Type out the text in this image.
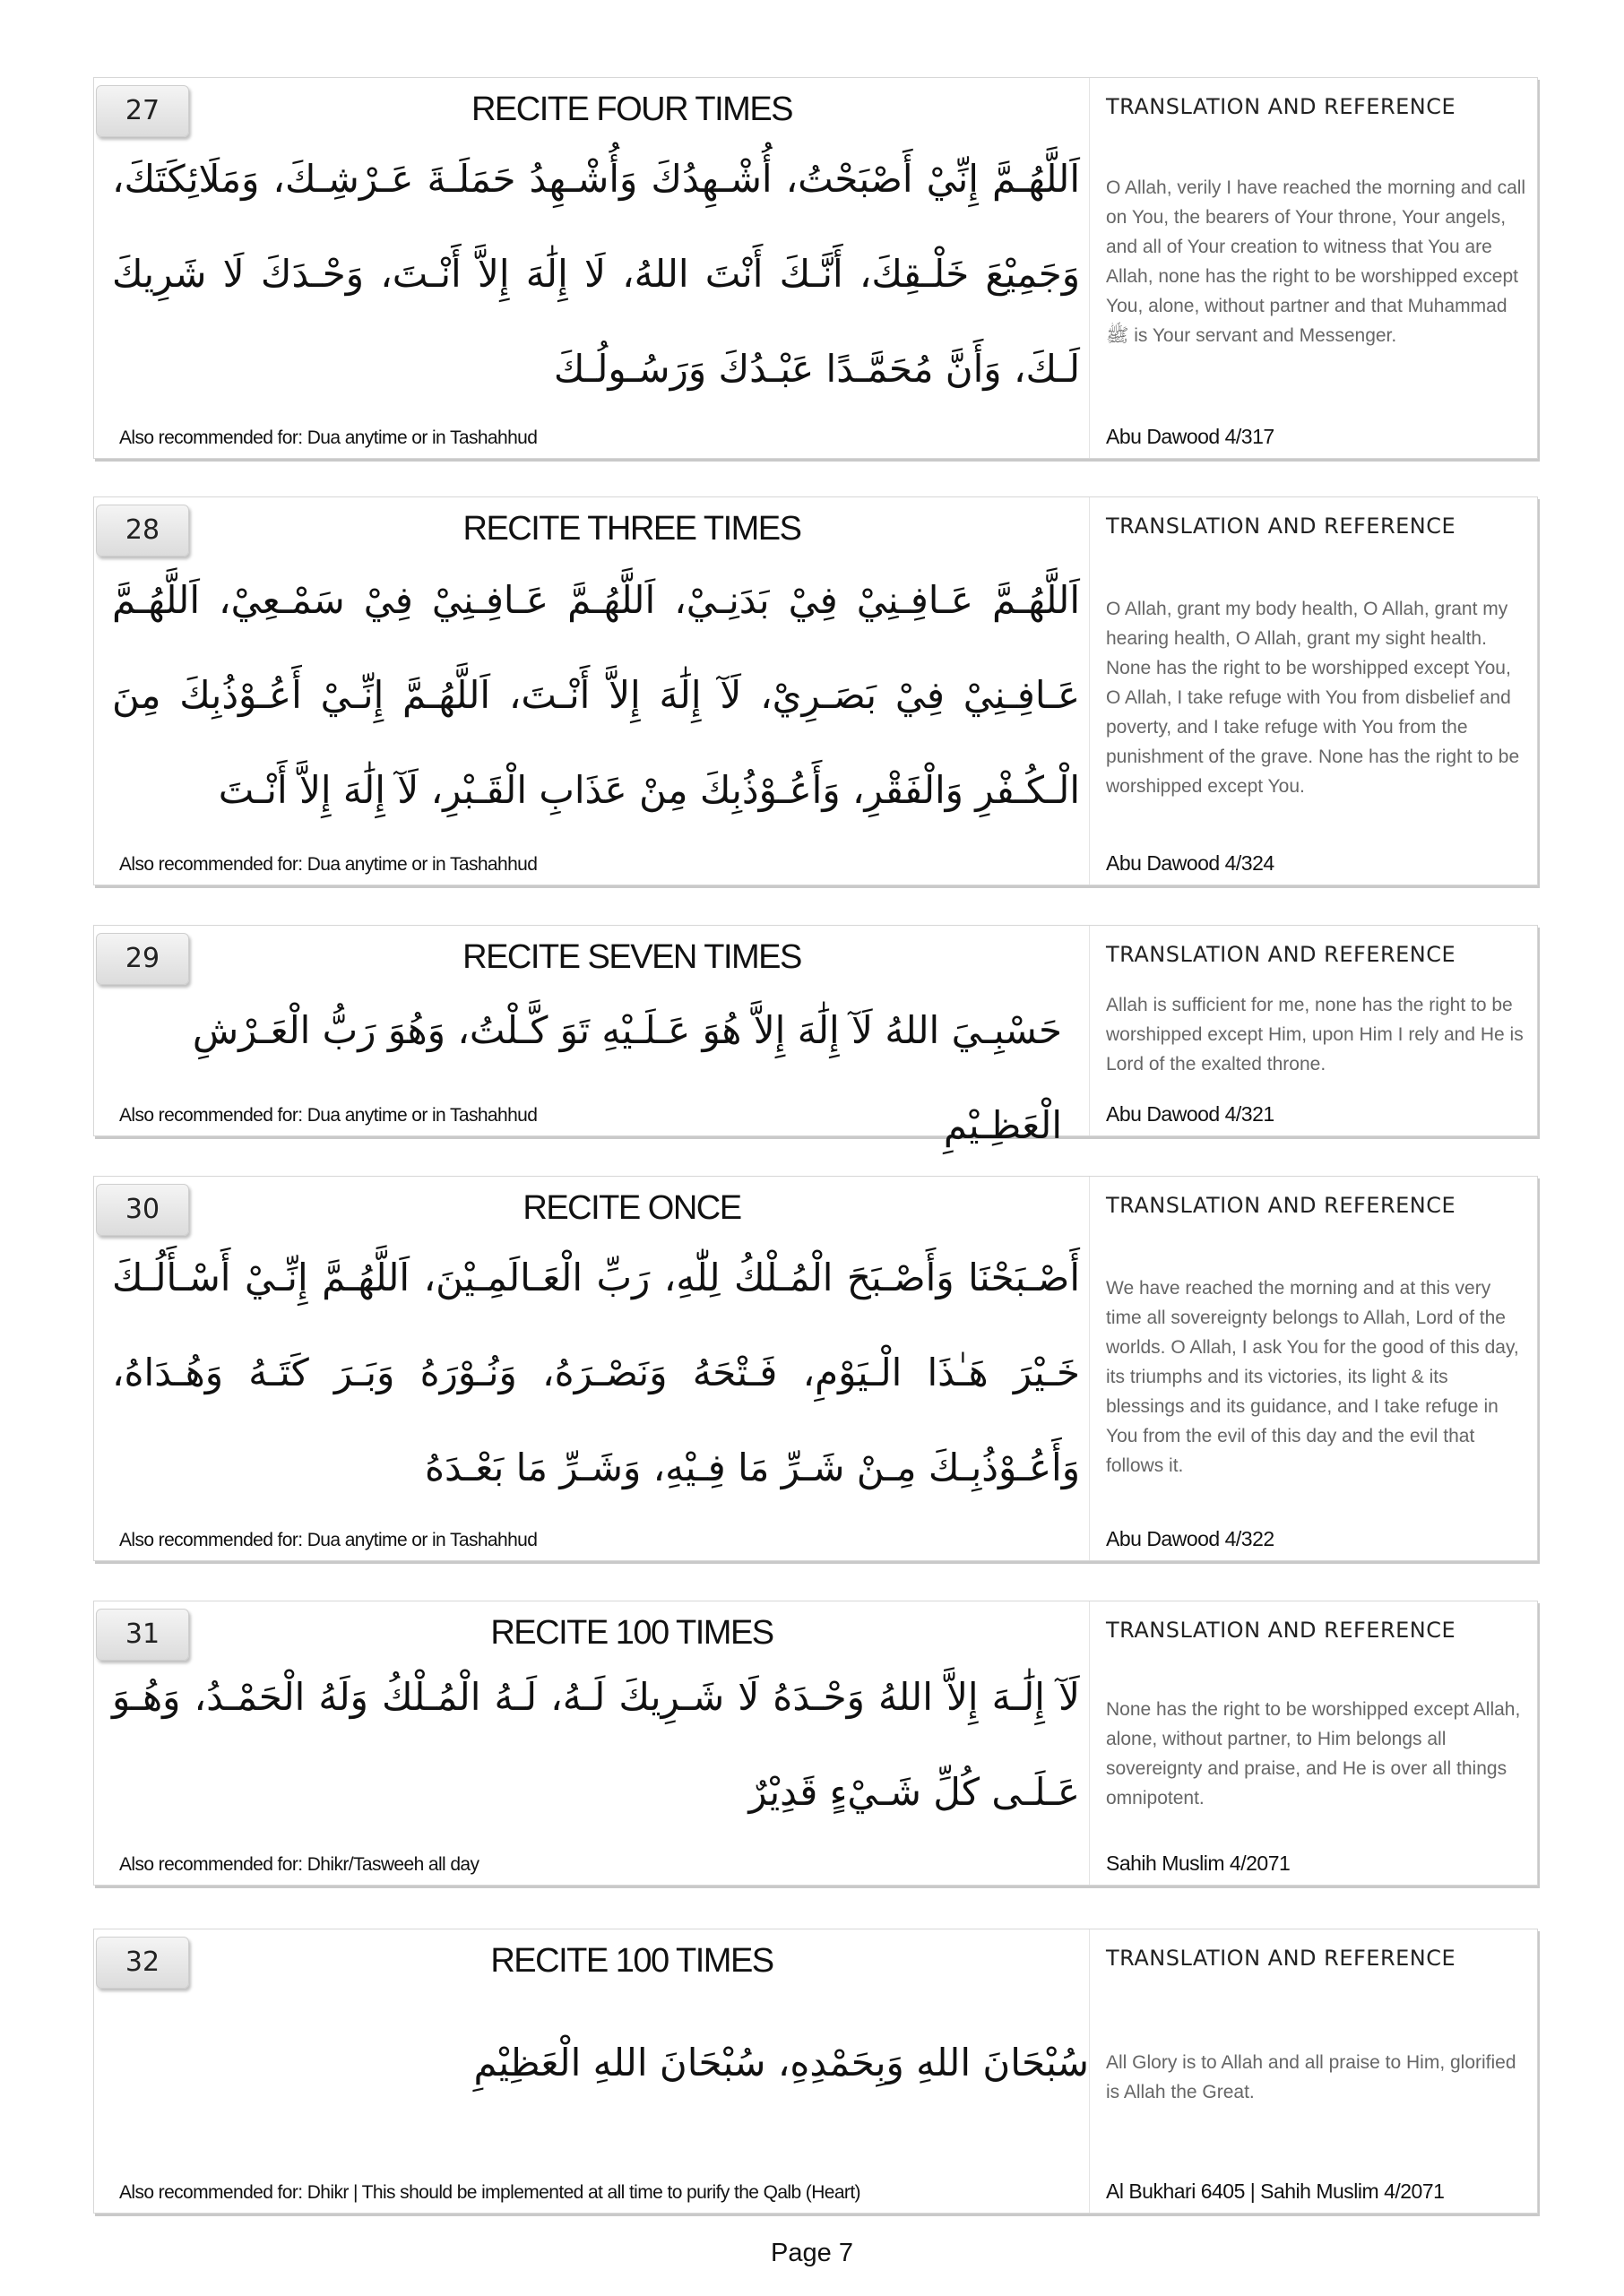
27	RECITE FOUR TIMES
اَللَّهُـمَّ إِنِّيْ أَصْبَحْتُ، أُشْـهِدُكَ وَأُشْـهِدُ حَمَلَـةَ عَـرْشِـكَ، وَمَلَائِكَتَكَ، وَجَمِيْعَ خَلْـقِكَ، أَنَّـكَ أَنْتَ اللهُ، لَا إِلَٰهَ إِلاَّ أَنْـتَ، وَحْـدَكَ لَا شَرِيكَ لَـكَ، وَأَنَّ مُحَمَّـدًا عَبْـدُكَ وَرَسُـولُـكَ
Also recommended for: Dua anytime or in Tashahhud
TRANSLATION AND REFERENCE
O Allah, verily I have reached the morning and call on You, the bearers of Your throne, Your angels, and all of Your creation to witness that You are Allah, none has the right to be worshipped except You, alone, without partner and that Muhammad ﷺ is Your servant and Messenger.
Abu Dawood 4/317
28	RECITE THREE TIMES
اَللَّهُـمَّ عَـافِـنِيْ فِيْ بَدَنِـيْ، اَللَّهُـمَّ عَـافِـنِيْ فِيْ سَمْـعِيْ، اَللَّهُـمَّ عَـافِـنِيْ فِيْ بَصَـرِيْ، لَآ إِلَٰهَ إِلاَّ أَنْـتَ، اَللَّهُـمَّ إِنِّـيْ أَعُـوْذُبِكَ مِنَ الْـكُـفْرِ وَالْفَقْرِ، وَأَعُـوْذُبِكَ مِنْ عَذَابِ الْقَـبْرِ، لَآ إِلَٰهَ إِلاَّ أَنْـتَ
Also recommended for: Dua anytime or in Tashahhud
TRANSLATION AND REFERENCE
O Allah, grant my body health, O Allah, grant my hearing health, O Allah, grant my sight health. None has the right to be worshipped except You, O Allah, I take refuge with You from disbelief and poverty, and I take refuge with You from the punishment of the grave. None has the right to be worshipped except You.
Abu Dawood 4/324
29	RECITE SEVEN TIMES
حَسْبِـيَ اللهُ لَآ إِلَٰهَ إِلاَّ هُوَ عَـلَـيْهِ تَوَ كَّـلْتُ، وَهُوَ رَبُّ الْعَـرْشِ الْعَظِـيْمِ
Also recommended for: Dua anytime or in Tashahhud
TRANSLATION AND REFERENCE
Allah is sufficient for me, none has the right to be worshipped except Him, upon Him I rely and He is Lord of the exalted throne.
Abu Dawood 4/321
30	RECITE ONCE
أَصْـبَحْنَا وَأَصْـبَحَ الْمُـلْكُ لِلّٰهِ، رَبِّ الْعَـالَمِـيْنَ، اَللَّهُـمَّ إِنِّـيْ أَسْـأَلُـكَ خَـيْرَ هَـٰذَا الْـيَوْمِ، فَـتْحَهُ وَنَصْـرَهُ، وَنُـوْرَهُ وَبَـرَ كَتَـهُ وَهُـدَاهُ، وَأَعُـوْذُبِـكَ مِـنْ شَـرِّ مَا فِـيْهِ، وَشَـرِّ مَا بَعْـدَهُ
Also recommended for: Dua anytime or in Tashahhud
TRANSLATION AND REFERENCE
We have reached the morning and at this very time all sovereignty belongs to Allah, Lord of the worlds. O Allah, I ask You for the good of this day, its triumphs and its victories, its light & its blessings and its guidance, and I take refuge in You from the evil of this day and the evil that follows it.
Abu Dawood 4/322
31	RECITE 100 TIMES
لَآ إِلَٰـهَ إِلاَّ اللهُ وَحْـدَهُ لَا شَـرِيكَ لَـهُ، لَـهُ الْمُـلْكُ وَلَهُ الْحَمْـدُ، وَهُـوَ عَـلَـى كُلِّ شَـيْءٍ قَدِيْرٌ
Also recommended for: Dhikr/Tasweeh all day
TRANSLATION AND REFERENCE
None has the right to be worshipped except Allah, alone, without partner, to Him belongs all sovereignty and praise, and He is over all things omnipotent.
Sahih Muslim 4/2071
32	RECITE 100 TIMES
سُبْحَانَ اللهِ وَبِحَمْدِهِ، سُبْحَانَ اللهِ الْعَظِيْمِ
Also recommended for: Dhikr | This should be implemented at all time to purify the Qalb (Heart)
TRANSLATION AND REFERENCE
All Glory is to Allah and all praise to Him, glorified is Allah the Great.
Al Bukhari 6405 | Sahih Muslim 4/2071
Page 7
